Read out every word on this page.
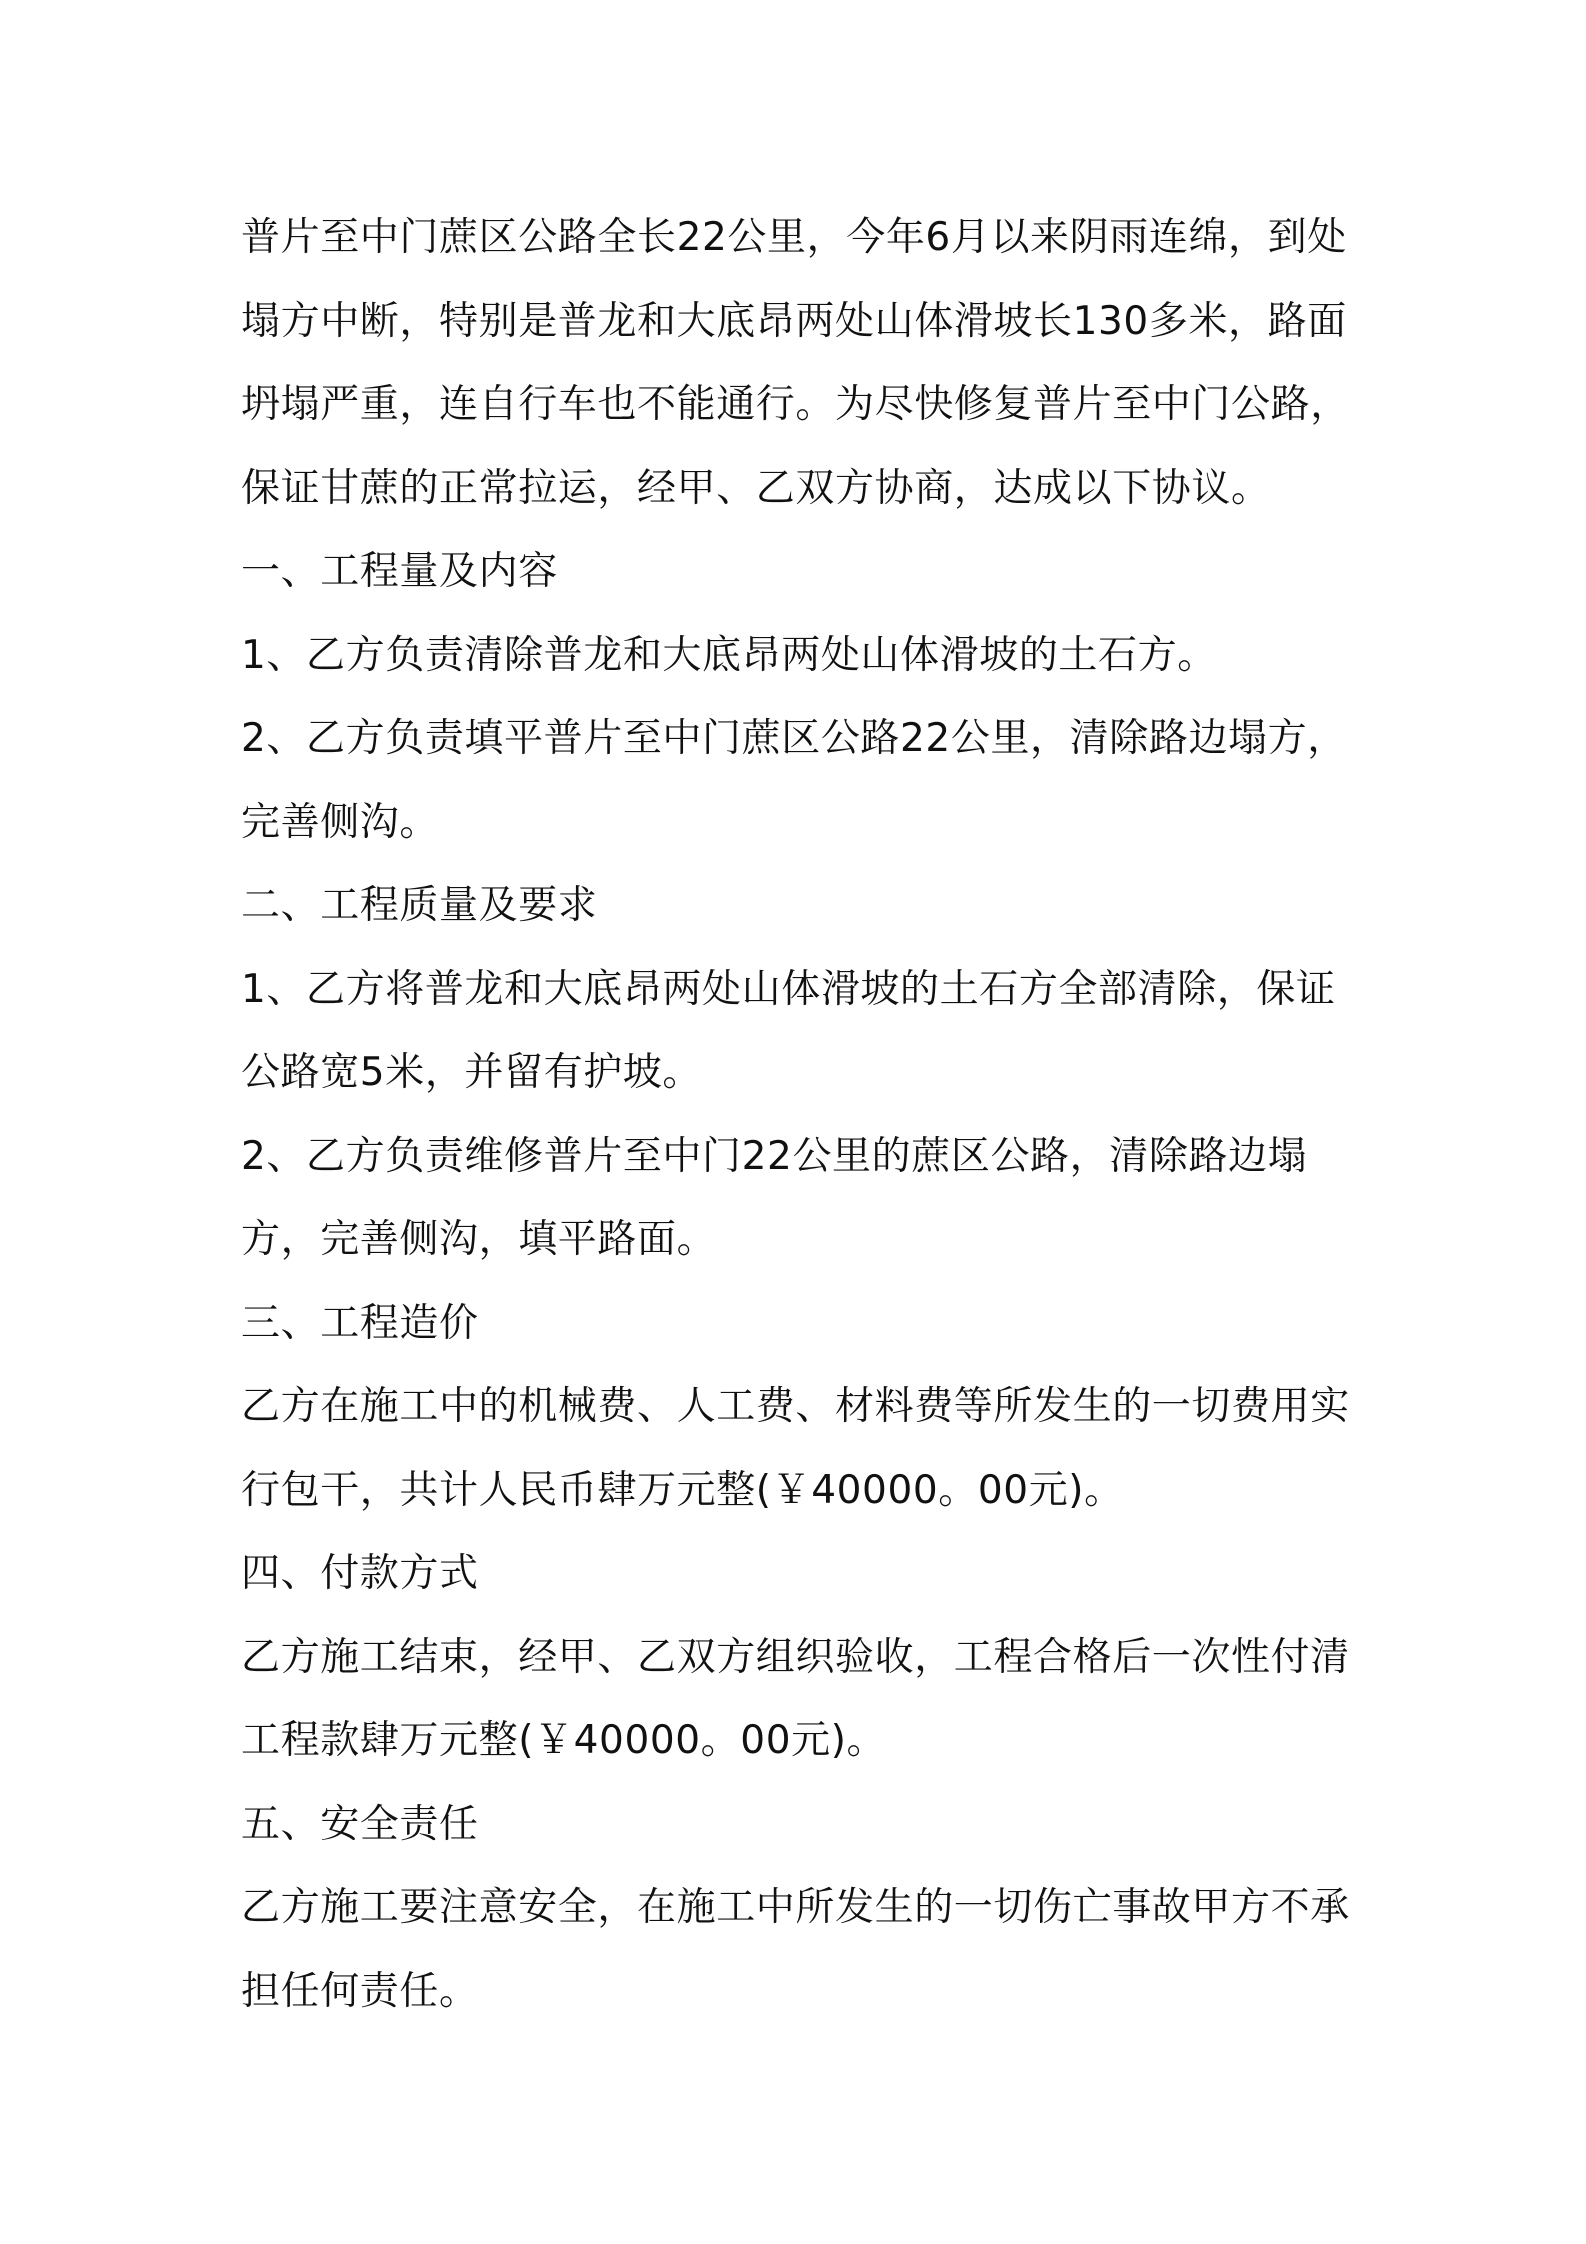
普片至中门蔗区公路全长22公里，今年6月以来阴雨连绵，到处塌方中断，特别是普龙和大底昂两处山体滑坡长130多米，路面坍塌严重，连自行车也不能通行。为尽快修复普片至中门公路，保证甘蔗的正常拉运，经甲、乙双方协商，达成以下协议。

一、工程量及内容

1、乙方负责清除普龙和大底昂两处山体滑坡的土石方。

2、乙方负责填平普片至中门蔗区公路22公里，清除路边塌方，完善侧沟。

二、工程质量及要求

1、乙方将普龙和大底昂两处山体滑坡的土石方全部清除，保证公路宽5米，并留有护坡。

2、乙方负责维修普片至中门22公里的蔗区公路，清除路边塌方，完善侧沟，填平路面。

三、工程造价

乙方在施工中的机械费、人工费、材料费等所发生的一切费用实行包干，共计人民币肆万元整(￥40000。00元)。

四、付款方式

乙方施工结束，经甲、乙双方组织验收，工程合格后一次性付清工程款肆万元整(￥40000。00元)。

五、安全责任

乙方施工要注意安全，在施工中所发生的一切伤亡事故甲方不承担任何责任。
